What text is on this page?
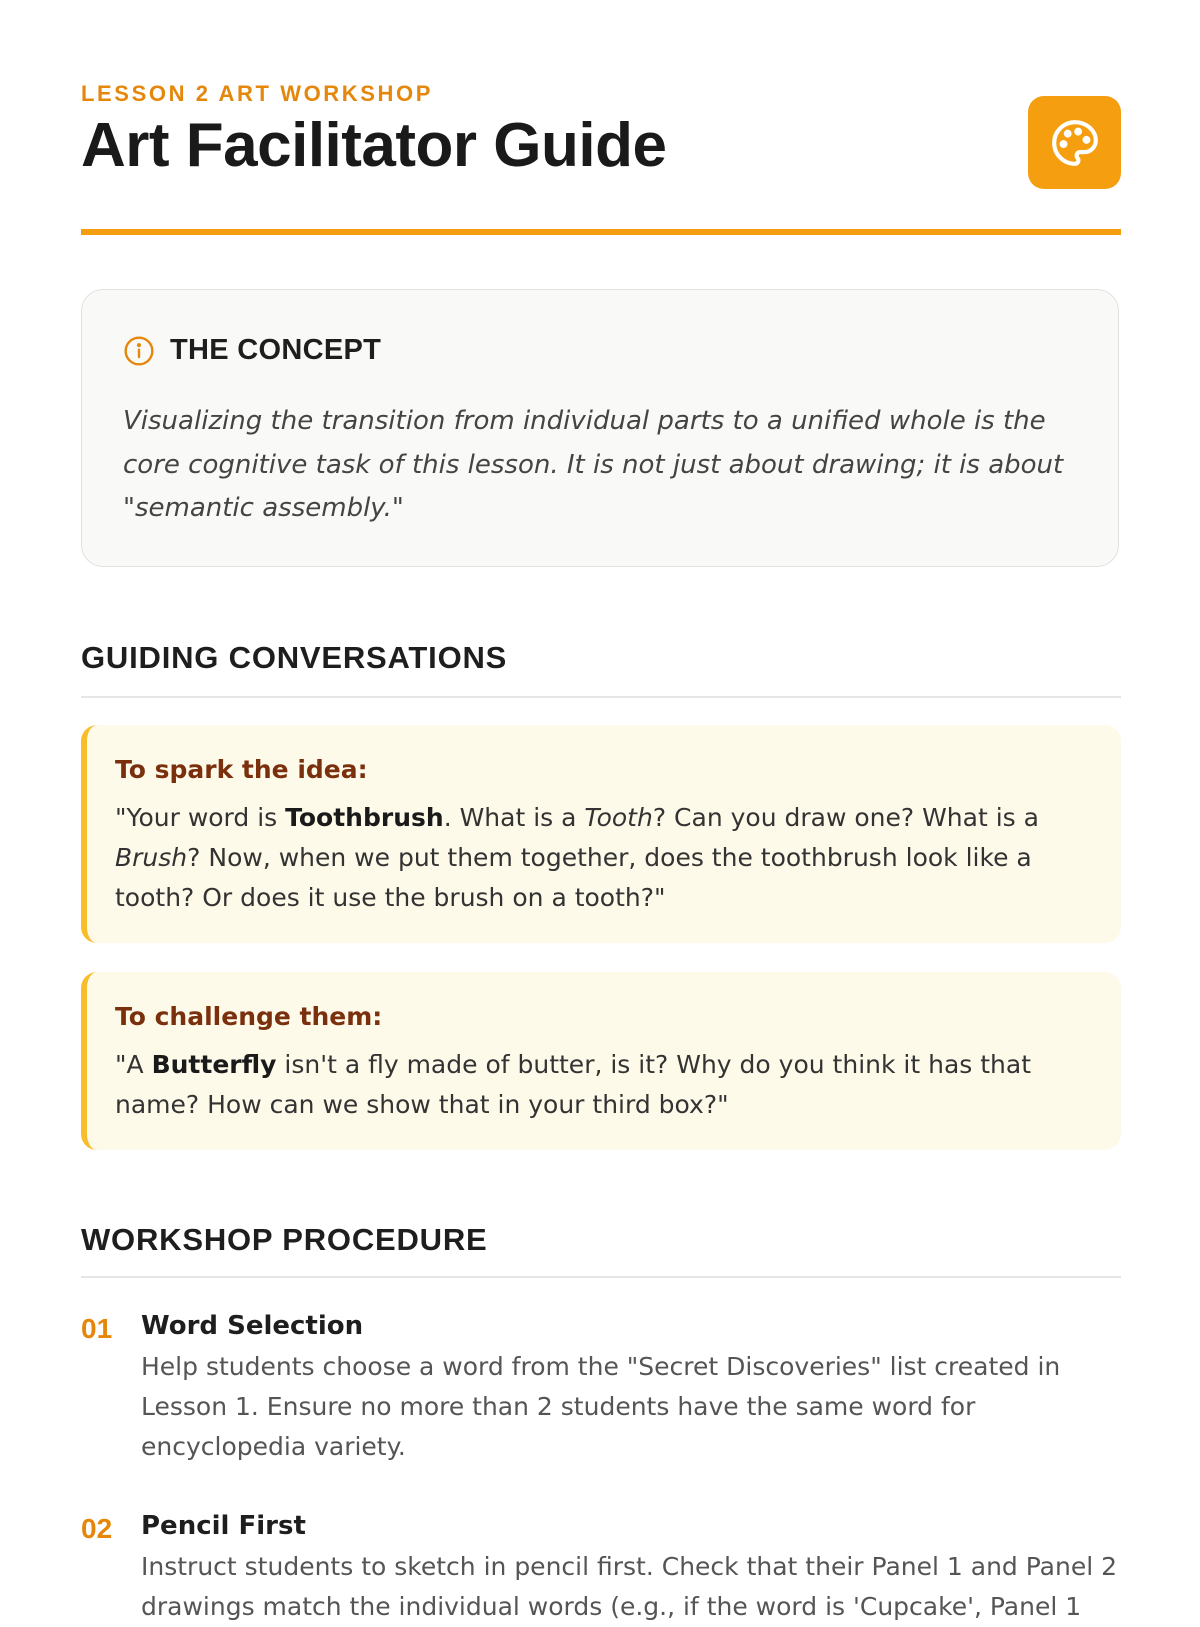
LESSON 2 ART WORKSHOP
Art Facilitator Guide
THE CONCEPT
Visualizing the transition from individual parts to a unified whole is the core cognitive task of this lesson. It is not just about drawing; it is about "semantic assembly."
GUIDING CONVERSATIONS
To spark the idea:
"Your word is Toothbrush. What is a Tooth? Can you draw one? What is a Brush? Now, when we put them together, does the toothbrush look like a tooth? Or does it use the brush on a tooth?"
To challenge them:
"A Butterfly isn't a fly made of butter, is it? Why do you think it has that name? How can we show that in your third box?"
WORKSHOP PROCEDURE
01 Word Selection
Help students choose a word from the "Secret Discoveries" list created in Lesson 1. Ensure no more than 2 students have the same word for encyclopedia variety.
02 Pencil First
Instruct students to sketch in pencil first. Check that their Panel 1 and Panel 2 drawings match the individual words (e.g., if the word is 'Cupcake', Panel 1
